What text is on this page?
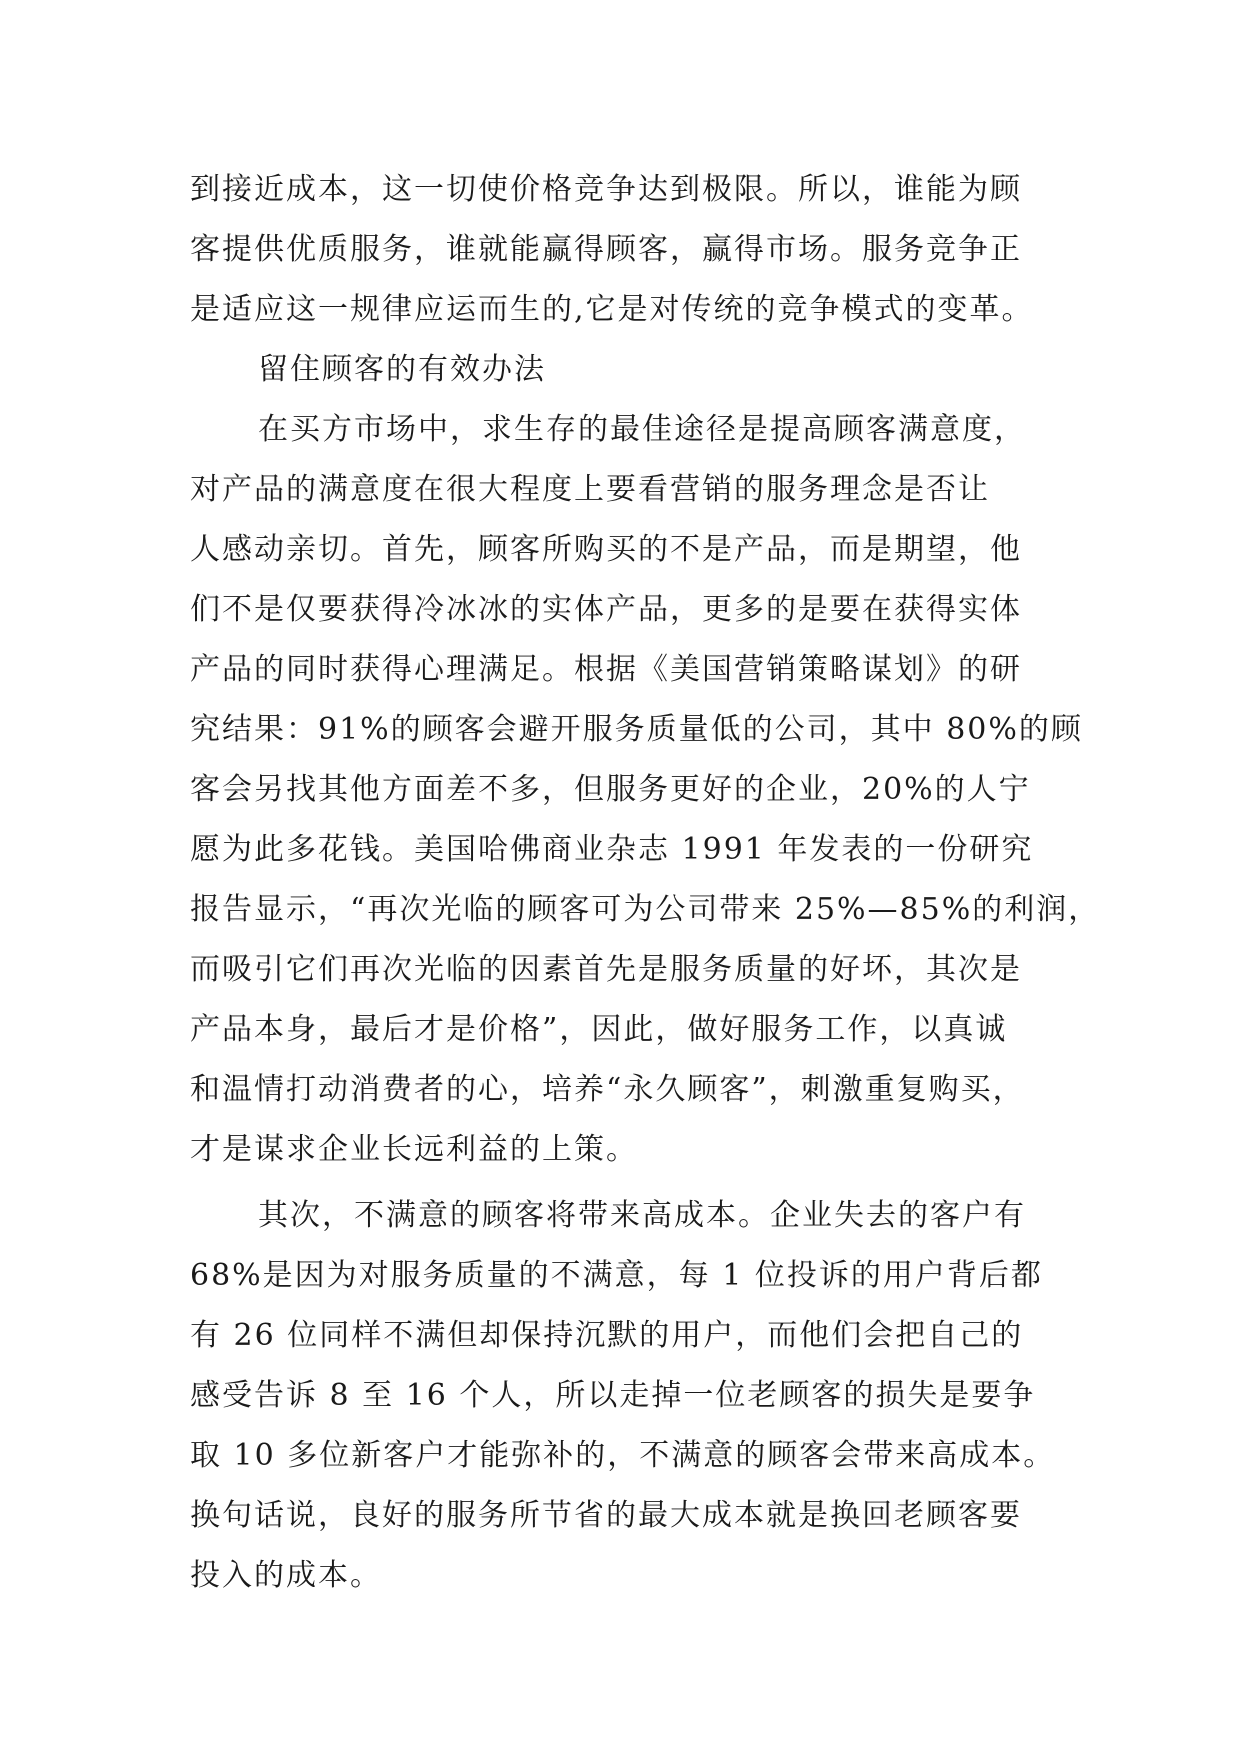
到接近成本，这一切使价格竞争达到极限。所以，谁能为顾
客提供优质服务，谁就能赢得顾客，赢得市场。服务竞争正
是适应这一规律应运而生的,它是对传统的竞争模式的变革。
留住顾客的有效办法
在买方市场中，求生存的最佳途径是提高顾客满意度，
对产品的满意度在很大程度上要看营销的服务理念是否让
人感动亲切。首先，顾客所购买的不是产品，而是期望，他
们不是仅要获得冷冰冰的实体产品，更多的是要在获得实体
产品的同时获得心理满足。根据《美国营销策略谋划》的研
究结果：91%的顾客会避开服务质量低的公司，其中 80%的顾
客会另找其他方面差不多，但服务更好的企业，20%的人宁
愿为此多花钱。美国哈佛商业杂志 1991 年发表的一份研究
报告显示，“再次光临的顾客可为公司带来 25%—85%的利润，
而吸引它们再次光临的因素首先是服务质量的好坏，其次是
产品本身，最后才是价格”，因此，做好服务工作，以真诚
和温情打动消费者的心，培养“永久顾客”，刺激重复购买，
才是谋求企业长远利益的上策。
其次，不满意的顾客将带来高成本。企业失去的客户有
68%是因为对服务质量的不满意，每 1 位投诉的用户背后都
有 26 位同样不满但却保持沉默的用户，而他们会把自己的
感受告诉 8 至 16 个人，所以走掉一位老顾客的损失是要争
取 10 多位新客户才能弥补的，不满意的顾客会带来高成本。
换句话说，良好的服务所节省的最大成本就是换回老顾客要
投入的成本。
